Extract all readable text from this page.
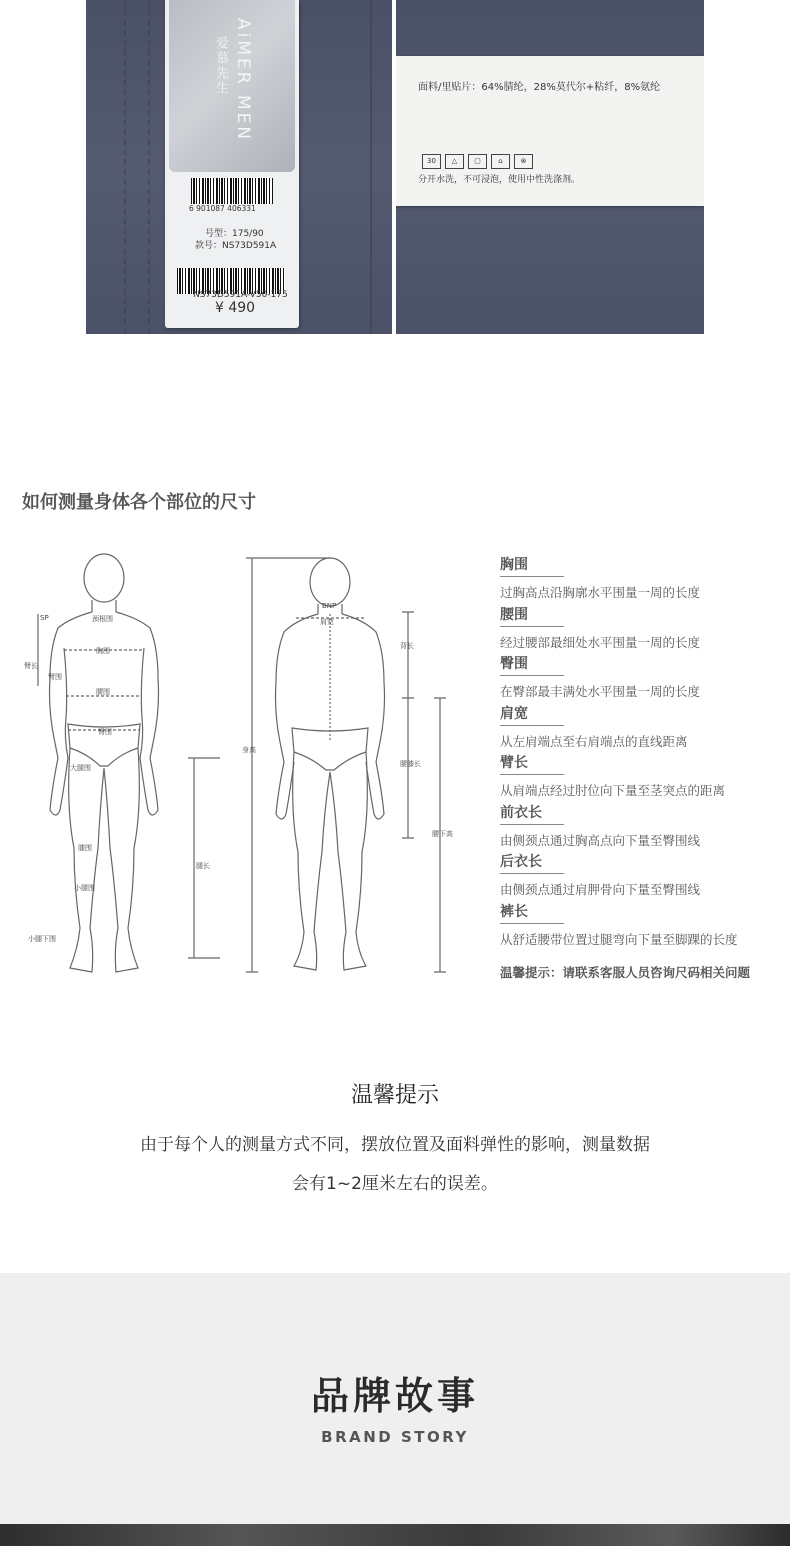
AiMER MEN
爱慕先生
6 901087 406331
号型：175/90
款号：NS73D591A
NS73D591A-V50-175
¥ 490
面料/里贴片：64%腈纶，28%莫代尔+粘纤，8%氨纶
30	△	▢	⌂	⊗
分开水洗，不可浸泡，使用中性洗涤剂。
如何测量身体各个部位的尺寸
SP	颈根围
胸围
臂长
臂围
腰围
臀围
大腿围
膝围
小腿围
小腿下围
腿长
BNP
肩宽
身高
背长
腰膝长
腰下高
胸围
过胸高点沿胸廓水平围量一周的长度
腰围
经过腰部最细处水平围量一周的长度
臀围
在臀部最丰满处水平围量一周的长度
肩宽
从左肩端点至右肩端点的直线距离
臂长
从肩端点经过肘位向下量至茎突点的距离
前衣长
由侧颈点通过胸高点向下量至臀围线
后衣长
由侧颈点通过肩胛骨向下量至臀围线
裤长
从舒适腰带位置过腿弯向下量至脚踝的长度
温馨提示：请联系客服人员咨询尺码相关问题
温馨提示
由于每个人的测量方式不同，摆放位置及面料弹性的影响，测量数据
会有1~2厘米左右的误差。
品牌故事
BRAND STORY
